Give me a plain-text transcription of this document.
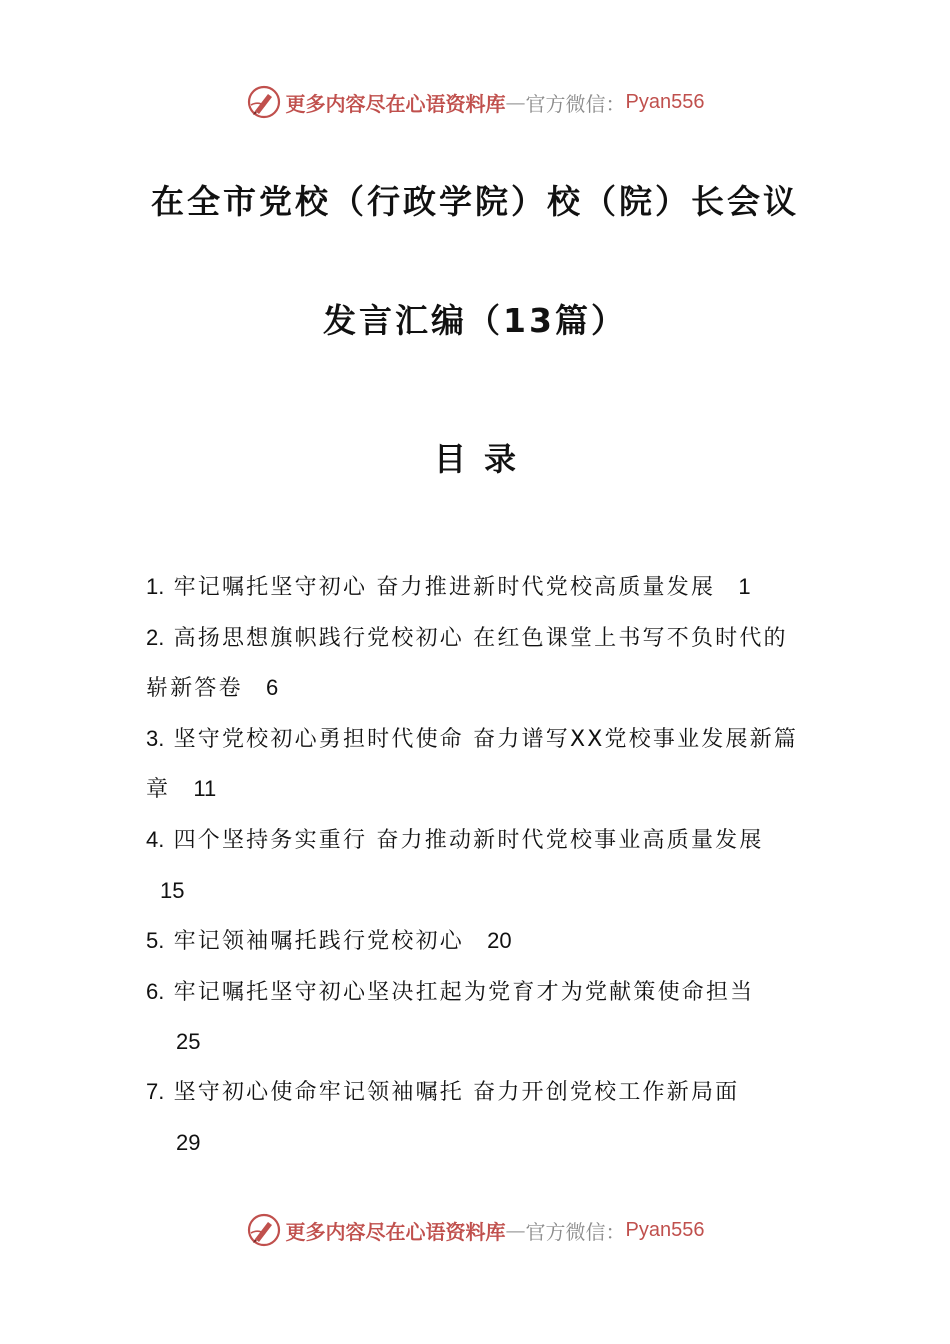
更多内容尽在心语资料库 — 官方微信： Pyan556
在全市党校（行政学院）校（院）长会议
发言汇编（13篇）
目录
1. 牢记嘱托坚守初心 奋力推进新时代党校高质量发展 1
2. 高扬思想旗帜践行党校初心 在红色课堂上书写不负时代的崭新答卷 6
3. 坚守党校初心勇担时代使命 奋力谱写XX党校事业发展新篇章 11
4. 四个坚持务实重行 奋力推动新时代党校事业高质量发展 15
5. 牢记领袖嘱托践行党校初心 20
6. 牢记嘱托坚守初心坚决扛起为党育才为党献策使命担当
25
7. 坚守初心使命牢记领袖嘱托 奋力开创党校工作新局面
29
更多内容尽在心语资料库 — 官方微信： Pyan556
